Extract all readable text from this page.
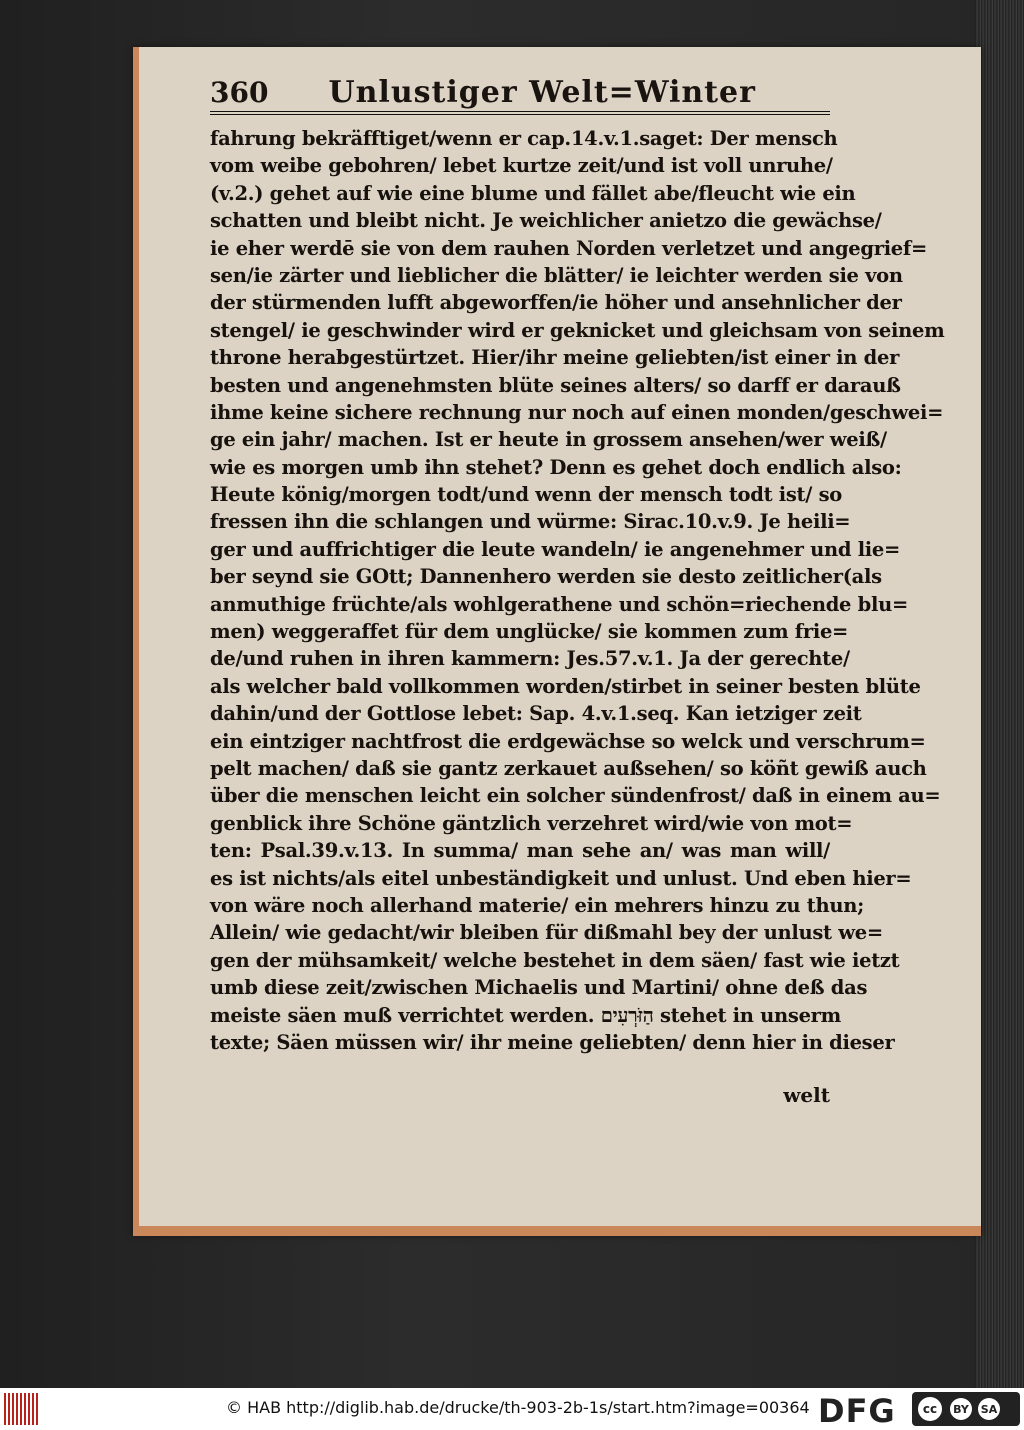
360 Unlustiger Welt=Winter
fahrung bekräfftiget/wenn er cap.14.v.1.saget: Der mensch
vom weibe gebohren/ lebet kurtze zeit/und ist voll unruhe/
(v.2.) gehet auf wie eine blume und fället abe/fleucht wie ein
schatten und bleibt nicht. Je weichlicher anietzo die gewächse/
ie eher werdē sie von dem rauhen Norden verletzet und angegrief=
sen/ie zärter und lieblicher die blätter/ ie leichter werden sie von
der stürmenden lufft abgeworffen/ie höher und ansehnlicher der
stengel/ ie geschwinder wird er geknicket und gleichsam von seinem
throne herabgestürtzet. Hier/ihr meine geliebten/ist einer in der
besten und angenehmsten blüte seines alters/ so darff er darauß
ihme keine sichere rechnung nur noch auf einen monden/geschwei=
ge ein jahr/ machen. Ist er heute in grossem ansehen/wer weiß/
wie es morgen umb ihn stehet? Denn es gehet doch endlich also:
Heute könig/morgen todt/und wenn der mensch todt ist/ so
fressen ihn die schlangen und würme: Sirac.10.v.9. Je heili=
ger und auffrichtiger die leute wandeln/ ie angenehmer und lie=
ber seynd sie GOtt; Dannenhero werden sie desto zeitlicher(als
anmuthige früchte/als wohlgerathene und schön=riechende blu=
men) weggeraffet für dem unglücke/ sie kommen zum frie=
de/und ruhen in ihren kammern: Jes.57.v.1. Ja der gerechte/
als welcher bald vollkommen worden/stirbet in seiner besten blüte
dahin/und der Gottlose lebet: Sap. 4.v.1.seq. Kan ietziger zeit
ein eintziger nachtfrost die erdgewächse so welck und verschrum=
pelt machen/ daß sie gantz zerkauet außsehen/ so köñt gewiß auch
über die menschen leicht ein solcher sündenfrost/ daß in einem au=
genblick ihre Schöne gäntzlich verzehret wird/wie von mot=
ten: Psal.39.v.13. In summa/ man sehe an/ was man will/
es ist nichts/als eitel unbeständigkeit und unlust. Und eben hier=
von wäre noch allerhand materie/ ein mehrers hinzu zu thun;
Allein/ wie gedacht/wir bleiben für dißmahl bey der unlust we=
gen der mühsamkeit/ welche bestehet in dem säen/ fast wie ietzt
umb diese zeit/zwischen Michaelis und Martini/ ohne deß das
meiste säen muß verrichtet werden. הַזֹּרְעִים stehet in unserm
texte; Säen müssen wir/ ihr meine geliebten/ denn hier in dieser
welt
© HAB http://diglib.hab.de/drucke/th-903-2b-1s/start.htm?image=00364 DFG	cc	BY SA
